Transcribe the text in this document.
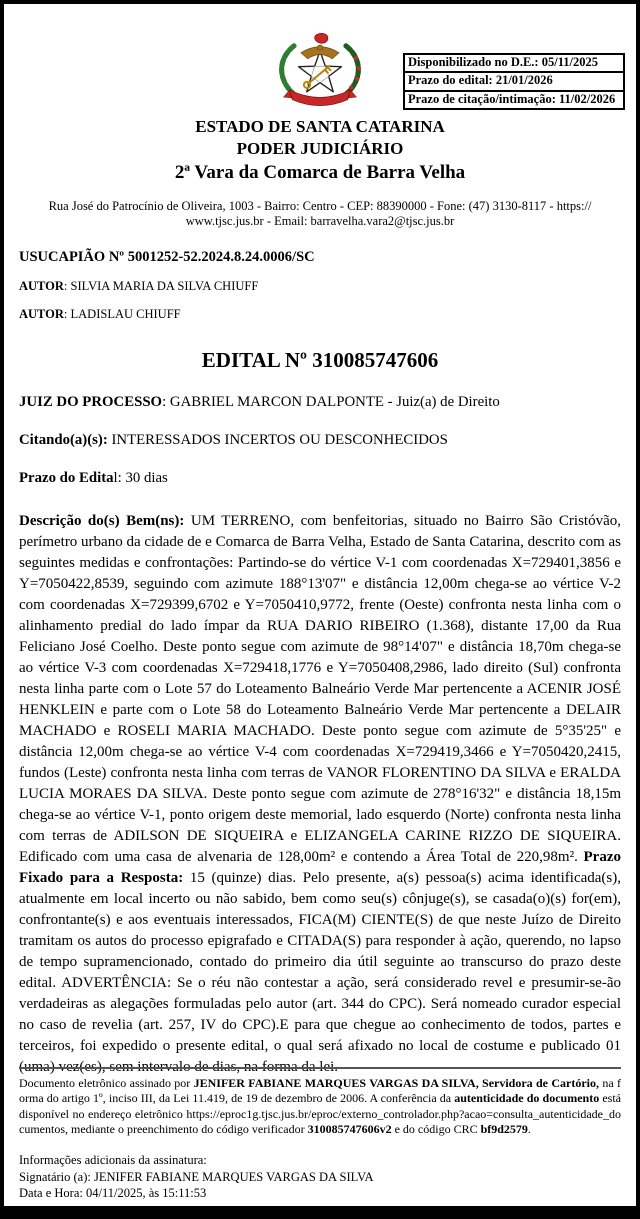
Disponibilizado no D.E.: 05/11/2025
Prazo do edital: 21/01/2026
Prazo de citação/intimação: 11/02/2026
ESTADO DE SANTA CATARINA
PODER JUDICIÁRIO
2ª Vara da Comarca de Barra Velha
Rua José do Patrocínio de Oliveira, 1003 - Bairro: Centro - CEP: 88390000 - Fone: (47) 3130-8117 - https://
www.tjsc.jus.br - Email: barravelha.vara2@tjsc.jus.br
USUCAPIÃO Nº 5001252-52.2024.8.24.0006/SC
AUTOR: SILVIA MARIA DA SILVA CHIUFF
AUTOR: LADISLAU CHIUFF
EDITAL Nº 310085747606
JUIZ DO PROCESSO: GABRIEL MARCON DALPONTE - Juiz(a) de Direito
Citando(a)(s): INTERESSADOS INCERTOS OU DESCONHECIDOS
Prazo do Edital: 30 dias

Descrição do(s) Bem(ns): UM TERRENO, com benfeitorias, situado no Bairro São Cristóvão, perímetro urbano da cidade de e Comarca de Barra Velha, Estado de Santa Catarina, descrito com as seguintes medidas e confrontações: Partindo-se do vértice V-1 com coordenadas X=729401,3856 e Y=7050422,8539, seguindo com azimute 188°13'07" e distância 12,00m chega-se ao vértice V-2 com coordenadas X=729399,6702 e Y=7050410,9772, frente (Oeste) confronta nesta linha com o alinhamento predial do lado ímpar da RUA DARIO RIBEIRO (1.368), distante 17,00 da Rua Feliciano José Coelho. Deste ponto segue com azimute de 98°14'07" e distância 18,70m chega-se ao vértice V-3 com coordenadas X=729418,1776 e Y=7050408,2986, lado direito (Sul) confronta nesta linha parte com o Lote 57 do Loteamento Balneário Verde Mar pertencente a ACENIR JOSÉ HENKLEIN e parte com o Lote 58 do Loteamento Balneário Verde Mar pertencente a DELAIR MACHADO e ROSELI MARIA MACHADO. Deste ponto segue com azimute de 5°35'25" e distância 12,00m chega-se ao vértice V-4 com coordenadas X=729419,3466 e Y=7050420,2415, fundos (Leste) confronta nesta linha com terras de VANOR FLORENTINO DA SILVA e ERALDA LUCIA MORAES DA SILVA. Deste ponto segue com azimute de 278°16'32" e distância 18,15m chega-se ao vértice V-1, ponto origem deste memorial, lado esquerdo (Norte) confronta nesta linha com terras de ADILSON DE SIQUEIRA e ELIZANGELA CARINE RIZZO DE SIQUEIRA. Edificado com uma casa de alvenaria de 128,00m² e contendo a Área Total de 220,98m². Prazo Fixado para a Resposta: 15 (quinze) dias. Pelo presente, a(s) pessoa(s) acima identificada(s), atualmente em local incerto ou não sabido, bem como seu(s) cônjuge(s), se casada(o)(s) for(em), confrontante(s) e aos eventuais interessados, FICA(M) CIENTE(S) de que neste Juízo de Direito tramitam os autos do processo epigrafado e CITADA(S) para responder à ação, querendo, no lapso de tempo supramencionado, contado do primeiro dia útil seguinte ao transcurso do prazo deste edital. ADVERTÊNCIA: Se o réu não contestar a ação, será considerado revel e presumir-se-ão verdadeiras as alegações formuladas pelo autor (art. 344 do CPC). Será nomeado curador especial no caso de revelia (art. 257, IV do CPC).E para que chegue ao conhecimento de todos, partes e terceiros, foi expedido o presente edital, o qual será afixado no local de costume e publicado 01 (uma) vez(es), sem intervalo de dias, na forma da lei.

Documento eletrônico assinado por JENIFER FABIANE MARQUES VARGAS DA SILVA, Servidora de Cartório, na forma do artigo 1º, inciso III, da Lei 11.419, de 19 de dezembro de 2006. A conferência da autenticidade do documento está disponível no endereço eletrônico https://eproc1g.tjsc.jus.br/eproc/externo_controlador.php?acao=consulta_autenticidade_documentos, mediante o preenchimento do código verificador 310085747606v2 e do código CRC bf9d2579.

Informações adicionais da assinatura:
Signatário (a): JENIFER FABIANE MARQUES VARGAS DA SILVA
Data e Hora: 04/11/2025, às 15:11:53
